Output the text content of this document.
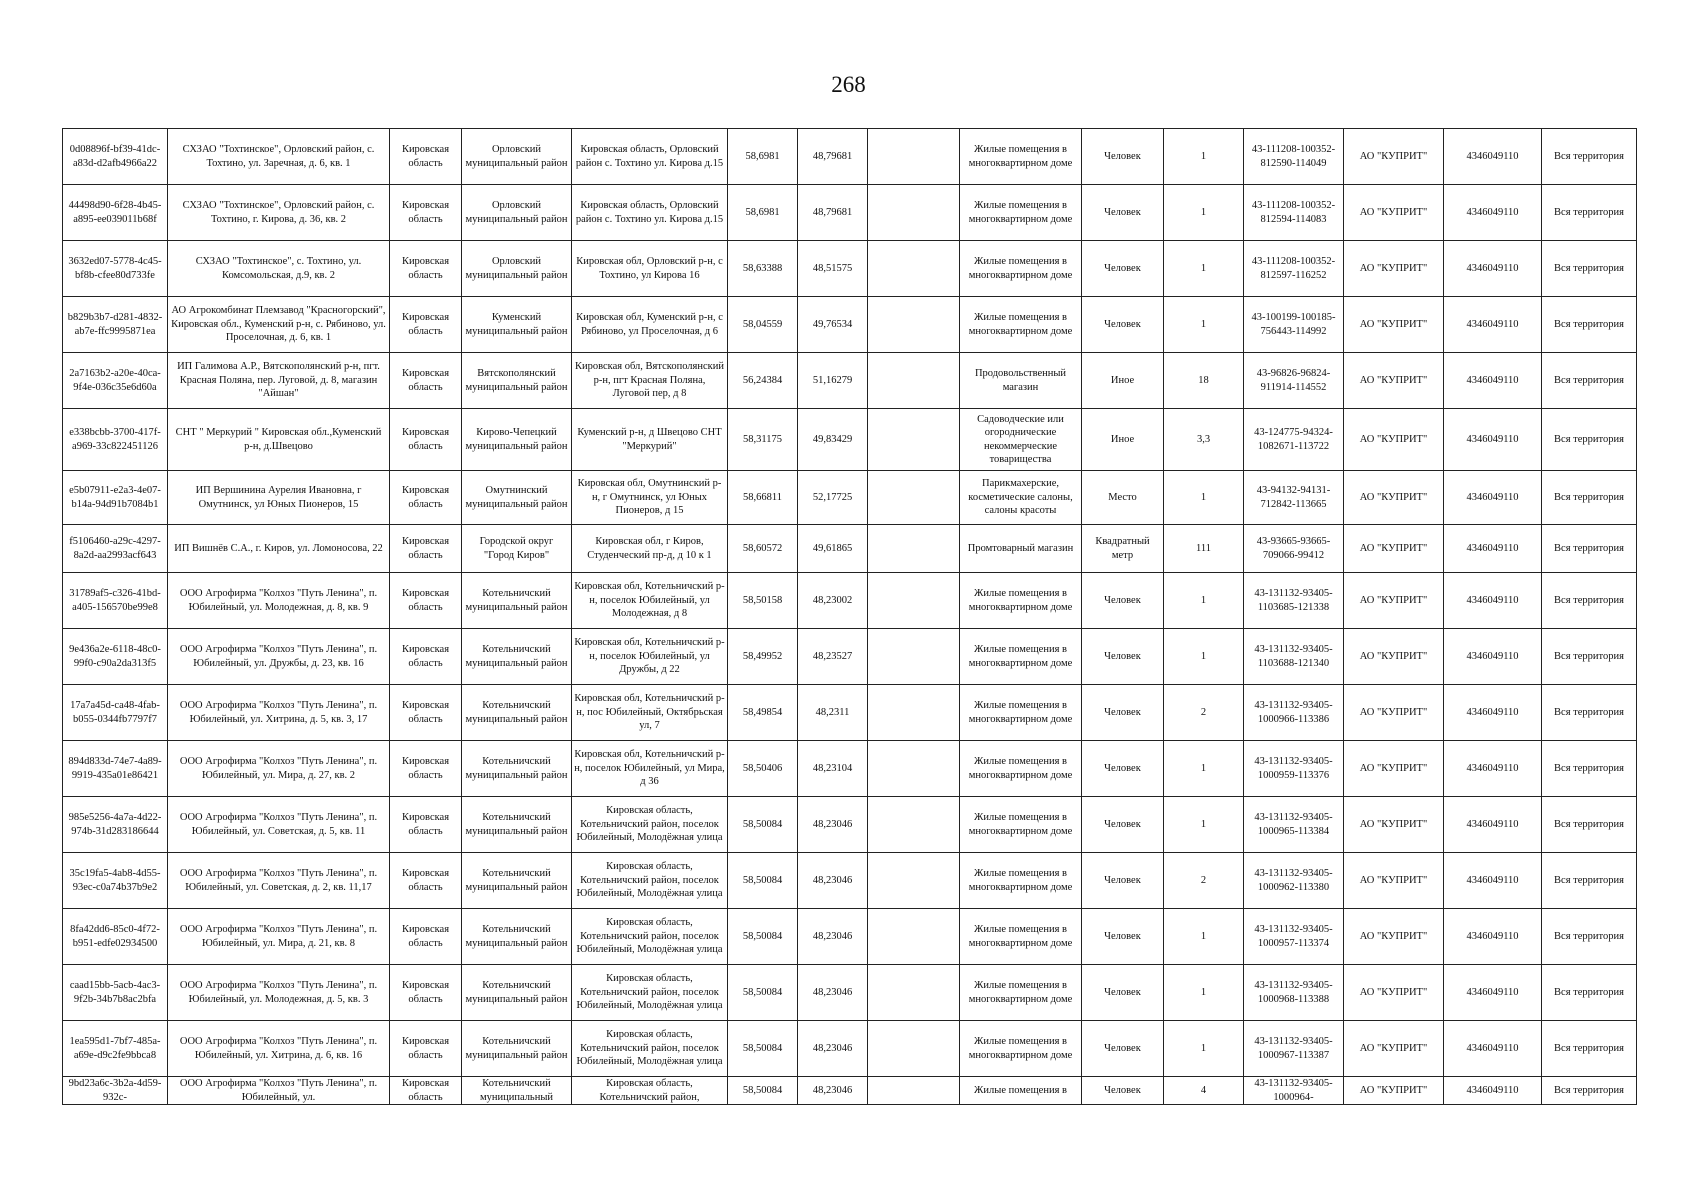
268
0d08896f-bf39-41dc-a83d-d2afb4966a22	СХЗАО "Тохтинское", Орловский район, с. Тохтино, ул. Заречная, д. 6, кв. 1	Кировская область	Орловский муниципальный район	Кировская область, Орловский район с. Тохтино ул. Кирова д.15	58,6981	48,79681		Жилые помещения в многоквартирном доме	Человек	1	43-111208-100352-812590-114049	АО "КУПРИТ"	4346049110	Вся территория
44498d90-6f28-4b45-a895-ee039011b68f	СХЗАО "Тохтинское", Орловский район, с. Тохтино, г. Кирова, д. 36, кв. 2	Кировская область	Орловский муниципальный район	Кировская область, Орловский район с. Тохтино ул. Кирова д.15	58,6981	48,79681		Жилые помещения в многоквартирном доме	Человек	1	43-111208-100352-812594-114083	АО "КУПРИТ"	4346049110	Вся территория
3632ed07-5778-4c45-bf8b-cfee80d733fe	СХЗАО "Тохтинское", с. Тохтино, ул. Комсомольская, д.9, кв. 2	Кировская область	Орловский муниципальный район	Кировская обл, Орловский р-н, с Тохтино, ул Кирова 16	58,63388	48,51575		Жилые помещения в многоквартирном доме	Человек	1	43-111208-100352-812597-116252	АО "КУПРИТ"	4346049110	Вся территория
b829b3b7-d281-4832-ab7e-ffc9995871ea	АО Агрокомбинат Племзавод "Красногорский", Кировская обл., Куменский р-н, с. Рябиново, ул. Проселочная, д. 6, кв. 1	Кировская область	Куменский муниципальный район	Кировская обл, Куменский р-н, с Рябиново, ул Проселочная, д 6	58,04559	49,76534		Жилые помещения в многоквартирном доме	Человек	1	43-100199-100185-756443-114992	АО "КУПРИТ"	4346049110	Вся территория
2a7163b2-a20e-40ca-9f4e-036c35e6d60a	ИП Галимова А.Р., Вятскополянский р-н, пгт. Красная Поляна, пер. Луговой, д. 8, магазин "Айшан"	Кировская область	Вятскополянский муниципальный район	Кировская обл, Вятскополянский р-н, пгт Красная Поляна, Луговой пер, д 8	56,24384	51,16279		Продовольственный магазин	Иное	18	43-96826-96824-911914-114552	АО "КУПРИТ"	4346049110	Вся территория
e338bcbb-3700-417f-a969-33c822451126	СНТ " Меркурий " Кировская обл.,Куменский р-н, д.Швецово	Кировская область	Кирово-Чепецкий муниципальный район	Куменский р-н, д Швецово СНТ "Меркурий"	58,31175	49,83429		Садоводческие или огороднические некоммерческие товарищества	Иное	3,3	43-124775-94324-1082671-113722	АО "КУПРИТ"	4346049110	Вся территория
e5b07911-e2a3-4e07-b14a-94d91b7084b1	ИП Вершинина Аурелия Ивановна, г Омутнинск, ул Юных Пионеров, 15	Кировская область	Омутнинский муниципальный район	Кировская обл, Омутнинский р-н, г Омутнинск, ул Юных Пионеров, д 15	58,66811	52,17725		Парикмахерские, косметические салоны, салоны красоты	Место	1	43-94132-94131-712842-113665	АО "КУПРИТ"	4346049110	Вся территория
f5106460-a29c-4297-8a2d-aa2993acf643	ИП Вишнёв С.А., г. Киров, ул. Ломоносова, 22	Кировская область	Городской округ "Город Киров"	Кировская обл, г Киров, Студенческий пр-д, д 10 к 1	58,60572	49,61865		Промтоварный магазин	Квадратный метр	111	43-93665-93665-709066-99412	АО "КУПРИТ"	4346049110	Вся территория
31789af5-c326-41bd-a405-156570be99e8	ООО Агрофирма "Колхоз "Путь Ленина", п. Юбилейный, ул. Молодежная, д. 8, кв. 9	Кировская область	Котельничский муниципальный район	Кировская обл, Котельничский р-н, поселок Юбилейный, ул Молодежная, д 8	58,50158	48,23002		Жилые помещения в многоквартирном доме	Человек	1	43-131132-93405-1103685-121338	АО "КУПРИТ"	4346049110	Вся территория
9e436a2e-6118-48c0-99f0-c90a2da313f5	ООО Агрофирма "Колхоз "Путь Ленина", п. Юбилейный, ул. Дружбы, д. 23, кв. 16	Кировская область	Котельничский муниципальный район	Кировская обл, Котельничский р-н, поселок Юбилейный, ул Дружбы, д 22	58,49952	48,23527		Жилые помещения в многоквартирном доме	Человек	1	43-131132-93405-1103688-121340	АО "КУПРИТ"	4346049110	Вся территория
17a7a45d-ca48-4fab-b055-0344fb7797f7	ООО Агрофирма "Колхоз "Путь Ленина", п. Юбилейный, ул. Хитрина, д. 5, кв. 3, 17	Кировская область	Котельничский муниципальный район	Кировская обл, Котельничский р-н, пос Юбилейный, Октябрьская ул, 7	58,49854	48,2311		Жилые помещения в многоквартирном доме	Человек	2	43-131132-93405-1000966-113386	АО "КУПРИТ"	4346049110	Вся территория
894d833d-74e7-4a89-9919-435a01e86421	ООО Агрофирма "Колхоз "Путь Ленина", п. Юбилейный, ул. Мира, д. 27, кв. 2	Кировская область	Котельничский муниципальный район	Кировская обл, Котельничский р-н, поселок Юбилейный, ул Мира, д 36	58,50406	48,23104		Жилые помещения в многоквартирном доме	Человек	1	43-131132-93405-1000959-113376	АО "КУПРИТ"	4346049110	Вся территория
985e5256-4a7a-4d22-974b-31d283186644	ООО Агрофирма "Колхоз "Путь Ленина", п. Юбилейный, ул. Советская, д. 5, кв. 11	Кировская область	Котельничский муниципальный район	Кировская область, Котельничский район, поселок Юбилейный, Молодёжная улица	58,50084	48,23046		Жилые помещения в многоквартирном доме	Человек	1	43-131132-93405-1000965-113384	АО "КУПРИТ"	4346049110	Вся территория
35c19fa5-4ab8-4d55-93ec-c0a74b37b9e2	ООО Агрофирма "Колхоз "Путь Ленина", п. Юбилейный, ул. Советская, д. 2, кв. 11,17	Кировская область	Котельничский муниципальный район	Кировская область, Котельничский район, поселок Юбилейный, Молодёжная улица	58,50084	48,23046		Жилые помещения в многоквартирном доме	Человек	2	43-131132-93405-1000962-113380	АО "КУПРИТ"	4346049110	Вся территория
8fa42dd6-85c0-4f72-b951-edfe02934500	ООО Агрофирма "Колхоз "Путь Ленина", п. Юбилейный, ул. Мира, д. 21, кв. 8	Кировская область	Котельничский муниципальный район	Кировская область, Котельничский район, поселок Юбилейный, Молодёжная улица	58,50084	48,23046		Жилые помещения в многоквартирном доме	Человек	1	43-131132-93405-1000957-113374	АО "КУПРИТ"	4346049110	Вся территория
caad15bb-5acb-4ac3-9f2b-34b7b8ac2bfa	ООО Агрофирма "Колхоз "Путь Ленина", п. Юбилейный, ул. Молодежная, д. 5, кв. 3	Кировская область	Котельничский муниципальный район	Кировская область, Котельничский район, поселок Юбилейный, Молодёжная улица	58,50084	48,23046		Жилые помещения в многоквартирном доме	Человек	1	43-131132-93405-1000968-113388	АО "КУПРИТ"	4346049110	Вся территория
1ea595d1-7bf7-485a-a69e-d9c2fe9bbca8	ООО Агрофирма "Колхоз "Путь Ленина", п. Юбилейный, ул. Хитрина, д. 6, кв. 16	Кировская область	Котельничский муниципальный район	Кировская область, Котельничский район, поселок Юбилейный, Молодёжная улица	58,50084	48,23046		Жилые помещения в многоквартирном доме	Человек	1	43-131132-93405-1000967-113387	АО "КУПРИТ"	4346049110	Вся территория
9bd23a6c-3b2a-4d59-932c-	ООО Агрофирма "Колхоз "Путь Ленина", п. Юбилейный, ул.	Кировская область	Котельничский муниципальный	Кировская область, Котельничский район,	58,50084	48,23046		Жилые помещения в	Человек	4	43-131132-93405-1000964-	АО "КУПРИТ"	4346049110	Вся территория
